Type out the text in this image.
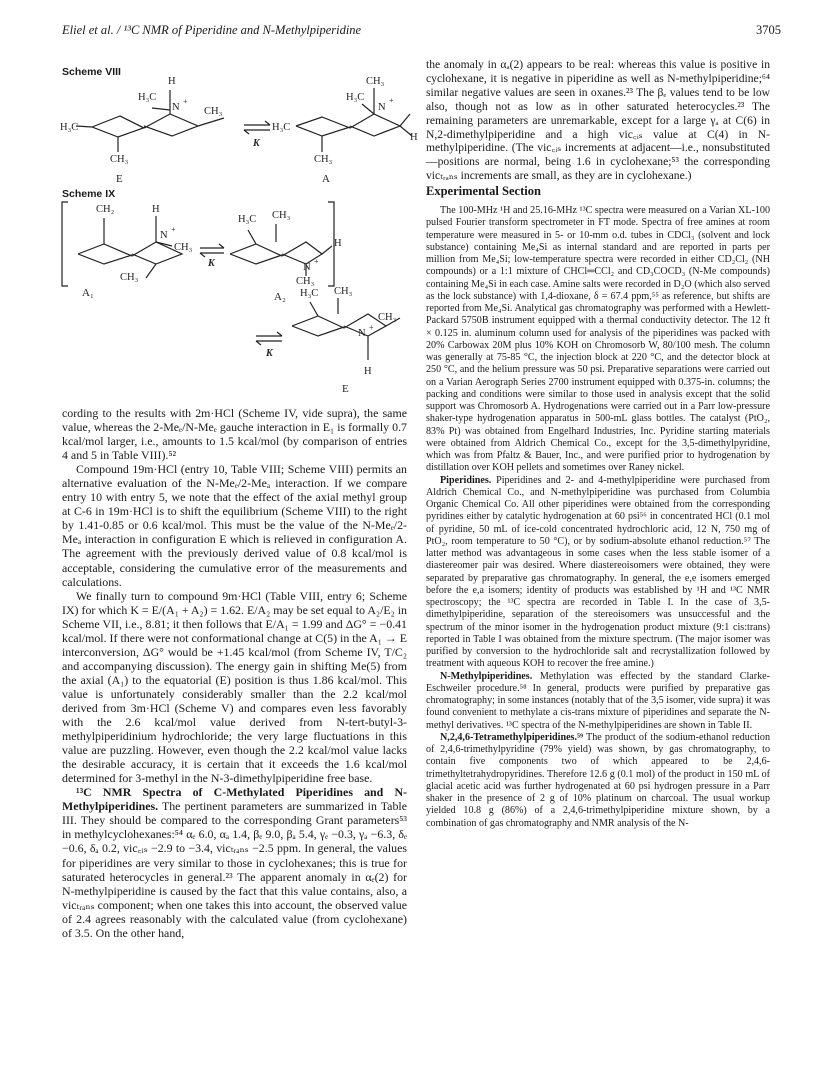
Eliel et al. / ¹³C NMR of Piperidine and N-Methylpiperidine	3705
Scheme VIII
H
H₃C
N
+
CH₃
H₃C
CH₃
CH₃
H₃C
N
+
H
H₃C
CH₃
K
E	A
Scheme IX
CH₂	H
N
+
CH₃
CH₃
H₃C CH₃
H
N
+
CH₃
H₃C CH₃
N
+
CH₃
H
A₁	A₂
E
K
K

cording to the results with 2m·HCl (Scheme IV, vide supra), the same value, whereas the 2-Meₑ/N-Meₑ gauche interaction in E₁ is formally 0.7 kcal/mol larger, i.e., amounts to 1.5 kcal/mol (by comparison of entries 4 and 5 in Table VIII).⁵²

Compound 19m·HCl (entry 10, Table VIII; Scheme VIII) permits an alternative evaluation of the N-Meₑ/2-Meₐ interaction. If we compare entry 10 with entry 5, we note that the effect of the axial methyl group at C-6 in 19m·HCl is to shift the equilibrium (Scheme VIII) to the right by 1.41-0.85 or 0.6 kcal/mol. This must be the value of the N-Meₑ/2-Meₐ interaction in configuration E which is relieved in configuration A. The agreement with the previously derived value of 0.8 kcal/mol is acceptable, considering the cumulative error of the measurements and calculations.

We finally turn to compound 9m·HCl (Table VIII, entry 6; Scheme IX) for which K = E/(A₁ + A₂) = 1.62. E/A₂ may be set equal to A₂/E₂ in Scheme VII, i.e., 8.81; it then follows that E/A₁ = 1.99 and ΔG° = −0.41 kcal/mol. If there were not conformational change at C(5) in the A₁ → E interconversion, ΔG° would be +1.45 kcal/mol (from Scheme IV, T/C₂ and accompanying discussion). The energy gain in shifting Me(5) from the axial (A₁) to the equatorial (E) position is thus 1.86 kcal/mol. This value is unfortunately considerably smaller than the 2.2 kcal/mol derived from 3m·HCl (Scheme V) and compares even less favorably with the 2.6 kcal/mol value derived from N-tert-butyl-3-methylpiperidinium hydrochloride; the very large fluctuations in this value are puzzling. However, even though the 2.2 kcal/mol value lacks the desirable accuracy, it is certain that it exceeds the 1.6 kcal/mol determined for 3-methyl in the N-3-dimethylpiperidine free base.

¹³C NMR Spectra of C-Methylated Piperidines and N-Methylpiperidines. The pertinent parameters are summarized in Table III. They should be compared to the corresponding Grant parameters⁵³ in methylcyclohexanes:⁵⁴ αₑ 6.0, αₐ 1.4, βₑ 9.0, βₐ 5.4, γₑ −0.3, γₐ −6.3, δₑ −0.6, δₐ 0.2, vic꜀ᵢₛ −2.9 to −3.4, vicₜᵣₐₙₛ −2.5 ppm. In general, the values for piperidines are very similar to those in cyclohexanes; this is true for saturated heterocycles in general.²³ The apparent anomaly in αₑ(2) for N-methylpiperidine is caused by the fact that this value contains, also, a vicₜᵣₐₙₛ component; when one takes this into account, the observed value of 2.4 agrees reasonably with the calculated value (from cyclohexane) of 3.5. On the other hand,

the anomaly in αₐ(2) appears to be real: whereas this value is positive in cyclohexane, it is negative in piperidine as well as N-methylpiperidine;⁶⁴ similar negative values are seen in oxanes.²³ The βₑ values tend to be low also, though not as low as in other saturated heterocycles.²³ The remaining parameters are unremarkable, except for a large γₐ at C(6) in N,2-dimethylpiperidine and a high vic꜀ᵢₛ value at C(4) in N-methylpiperidine. (The vic꜀ᵢₛ increments at adjacent—i.e., nonsubstituted—positions are normal, being 1.6 in cyclohexane;⁵³ the corresponding vicₜᵣₐₙₛ increments are small, as they are in cyclohexane.)

Experimental Section

The 100-MHz ¹H and 25.16-MHz ¹³C spectra were measured on a Varian XL-100 pulsed Fourier transform spectrometer in FT mode. Spectra of free amines at room temperature were measured in 5- or 10-mm o.d. tubes in CDCl₃ (solvent and lock substance) containing Me₄Si as internal standard and are reported in parts per million from Me₄Si; low-temperature spectra were recorded in either CD₂Cl₂ (NH compounds) or a 1:1 mixture of CHCl═CCl₂ and CD₃COCD₃ (N-Me compounds) containing Me₄Si in each case. Amine salts were recorded in D₂O (which also served as the lock substance) with 1,4-dioxane, δ = 67.4 ppm,⁵⁵ as reference, but shifts are reported from Me₄Si. Analytical gas chromatography was performed with a Hewlett-Packard 5750B instrument equipped with a thermal conductivity detector. The 12 ft × 0.125 in. aluminum column used for analysis of the piperidines was packed with 20% Carbowax 20M plus 10% KOH on Chromosorb W, 80/100 mesh. The column was generally at 75-85 °C, the injection block at 220 °C, and the detector block at 250 °C, and the helium pressure was 50 psi. Preparative separations were carried out on a Varian Aerograph Series 2700 instrument equipped with 0.375-in. columns; the packing and conditions were similar to those used in analysis except that the solid support was Chromosorb A. Hydrogenations were carried out in a Parr low-pressure shaker-type hydrogenation apparatus in 500-mL glass bottles. The catalyst (PtO₂, 83% Pt) was obtained from Engelhard Industries, Inc. Pyridine starting materials were obtained from Aldrich Chemical Co., except for the 3,5-dimethylpyridine, which was from Pfaltz & Bauer, Inc., and were purified prior to hydrogenation by distillation over KOH pellets and sometimes over Raney nickel.

Piperidines. Piperidines and 2- and 4-methylpiperidine were purchased from Aldrich Chemical Co., and N-methylpiperidine was purchased from Columbia Organic Chemical Co. All other piperidines were obtained from the corresponding pyridines either by catalytic hydrogenation at 60 psi⁵⁶ in concentrated HCl (0.1 mol of pyridine, 50 mL of ice-cold concentrated hydrochloric acid, 12 N, 750 mg of PtO₂, room temperature to 50 °C), or by sodium-absolute ethanol reduction.⁵⁷ The latter method was advantageous in some cases when the less stable isomer of a diastereomer pair was desired. Where diastereoisomers were obtained, they were separated by preparative gas chromatography. In general, the e,e isomers emerged before the e,a isomers; identity of products was established by ¹H and ¹³C NMR spectroscopy; the ¹³C spectra are recorded in Table I. In the case of 3,5-dimethylpiperidine, separation of the stereoisomers was unsuccessful and the spectrum of the minor isomer in the hydrogenation product mixture (9:1 cis:trans) reported in Table I was obtained from the mixture spectrum. (The major isomer was purified by conversion to the hydrochloride salt and recrystallization followed by treatment with aqueous KOH to recover the free amine.)

N-Methylpiperidines. Methylation was effected by the standard Clarke-Eschweiler procedure.⁵⁸ In general, products were purified by preparative gas chromatography; in some instances (notably that of the 3,5 isomer, vide supra) it was found convenient to methylate a cis-trans mixture of piperidines and separate the N-methyl derivatives. ¹³C spectra of the N-methylpiperidines are shown in Table II.

N,2,4,6-Tetramethylpiperidines.⁵⁹ The product of the sodium-ethanol reduction of 2,4,6-trimethylpyridine (79% yield) was shown, by gas chromatography, to contain five components two of which appeared to be 2,4,6-trimethyltetrahydropyridines. Therefore 12.6 g (0.1 mol) of the product in 150 mL of glacial acetic acid was further hydrogenated at 60 psi hydrogen pressure in a Parr shaker in the presence of 2 g of 10% platinum on charcoal. The usual workup yielded 10.8 g (86%) of a 2,4,6-trimethylpiperidine mixture shown, by a combination of gas chromatography and NMR analysis of the N-
